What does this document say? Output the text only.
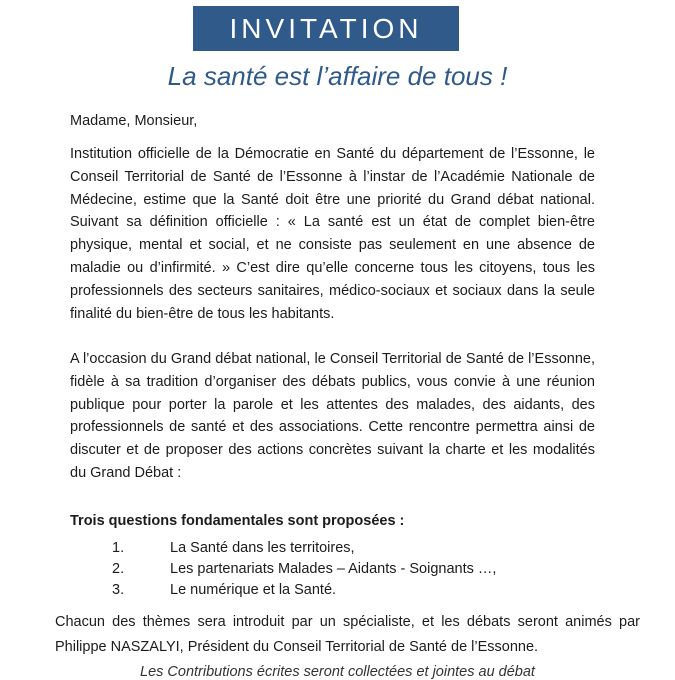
INVITATION
La santé est l’affaire de tous !
Madame, Monsieur,
Institution officielle de la Démocratie en Santé du département de l’Essonne, le Conseil Territorial de Santé de l’Essonne à l’instar de l’Académie Nationale de Médecine, estime que la Santé doit être une priorité du Grand débat national. Suivant sa définition officielle : « La santé est un état de complet bien-être physique, mental et social, et ne consiste pas seulement en une absence de maladie ou d’infirmité. » C’est dire qu’elle concerne tous les citoyens, tous les professionnels des secteurs sanitaires, médico-sociaux et sociaux dans la seule finalité du bien-être de tous les habitants.
A l’occasion du Grand débat national, le Conseil Territorial de Santé de l’Essonne, fidèle à sa tradition d’organiser des débats publics, vous convie à une réunion publique pour porter la parole et les attentes des malades, des aidants, des professionnels de santé et des associations. Cette rencontre permettra ainsi de discuter et de proposer des actions concrètes suivant la charte et les modalités du Grand Débat :
Trois questions fondamentales sont proposées :
1.	La Santé dans les territoires,
2.	Les partenariats Malades – Aidants - Soignants …,
3.	Le numérique et la Santé.
Chacun des thèmes sera introduit par un spécialiste, et les débats seront animés par Philippe NASZALYI, Président du Conseil Territorial de Santé de l’Essonne.
Les Contributions écrites seront collectées et jointes au débat
